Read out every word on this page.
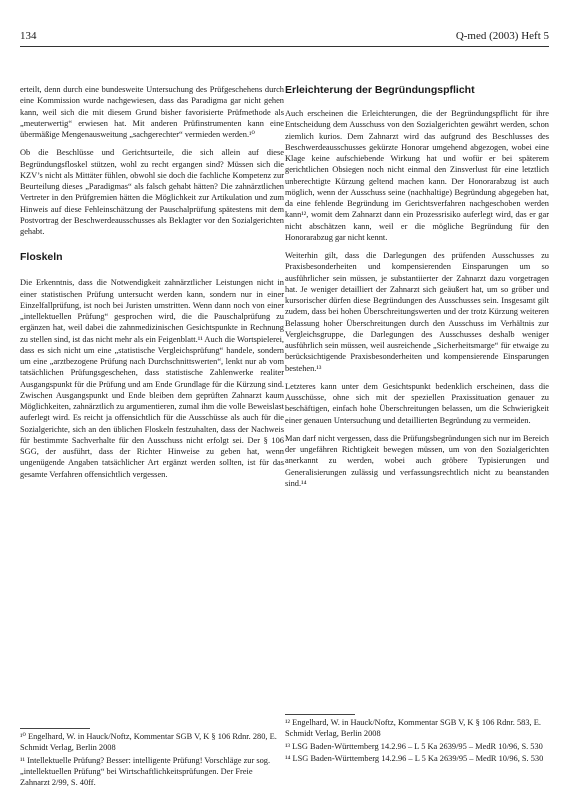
134	Q-med (2003) Heft 5

erteilt, denn durch eine bundesweite Untersuchung des Prüfgeschehens durch eine Kommission wurde nachgewiesen, dass das Paradigma gar nicht gehen kann, weil sich die mit diesem Grund bisher favorisierte Prüfmethode als „meuterwertig“ erwiesen hat. Mit anderen Prüfinstrumenten kann eine übermäßige Mengenausweitung „sachgerechter“ vermieden werden.¹⁰

Ob die Beschlüsse und Gerichtsurteile, die sich allein auf diese Begründungsfloskel stützen, wohl zu recht ergangen sind? Müssen sich die KZV’s nicht als Mittäter fühlen, obwohl sie doch die fachliche Kompetenz zur Beurteilung dieses „Paradigmas“ als falsch gehabt hätten? Die zahnärztlichen Vertreter in den Prüfgremien hätten die Möglichkeit zur Artikulation und zum Hinweis auf diese Fehleinschätzung der Pauschalprüfung spätestens mit dem Postvortrag der Beschwerdeausschusses als Beklagter vor den Sozialgerichten gehabt.

Floskeln

Die Erkenntnis, dass die Notwendigkeit zahnärztlicher Leistungen nicht in einer statistischen Prüfung untersucht werden kann, sondern nur in einer Einzelfallprüfung, ist noch bei Juristen umstritten. Wenn dann noch von einer „intellektuellen Prüfung“ gesprochen wird, die die Pauschalprüfung zu ergänzen hat, weil dabei die zahnmedizinischen Gesichtspunkte in Rechnung zu stellen sind, ist das nicht mehr als ein Feigenblatt.¹¹ Auch die Wortspielerei, dass es sich nicht um eine „statistische Vergleichsprüfung“ handele, sondern um eine „arztbezogene Prüfung nach Durchschnittswerten“, lenkt nur ab vom tatsächlichen Prüfungsgeschehen, dass statistische Zahlenwerke realiter Ausgangspunkt für die Prüfung und am Ende Grundlage für die Kürzung sind. Zwischen Ausgangspunkt und Ende bleiben dem geprüften Zahnarzt kaum Möglichkeiten, zahnärztlich zu argumentieren, zumal ihm die volle Beweislast auferlegt wird. Es reicht ja offensichtlich für die Ausschüsse als auch für die Sozialgerichte, sich an den üblichen Floskeln festzuhalten, dass der Nachweis für bestimmte Sachverhalte für den Ausschuss nicht erfolgt sei. Der § 106 SGG, der ausführt, dass der Richter Hinweise zu geben hat, wenn ungenügende Angaben tatsächlicher Art ergänzt werden sollten, ist für das gesamte Verfahren offensichtlich vergessen.

¹⁰ Engelhard, W. in Hauck/Noftz, Kommentar SGB V, K § 106 Rdnr. 280, E. Schmidt Verlag, Berlin 2008

¹¹ Intellektuelle Prüfung? Besser: intelligente Prüfung! Vorschläge zur sog. „intellektuellen Prüfung“ bei Wirtschaftlichkeitsprüfungen. Der Freie Zahnarzt 2/99, S. 40ff.

Erleichterung der Begründungspflicht

Auch erscheinen die Erleichterungen, die der Begründungspflicht für ihre Entscheidung dem Ausschuss von den Sozialgerichten gewährt werden, schon ziemlich kurios. Dem Zahnarzt wird das aufgrund des Beschlusses des Beschwerdeausschusses gekürzte Honorar umgehend abgezogen, wobei eine Klage keine aufschiebende Wirkung hat und wofür er bei späterem gerichtlichen Obsiegen noch nicht einmal den Zinsverlust für eine letztlich unberechtigte Kürzung geltend machen kann. Der Honorarabzug ist auch möglich, wenn der Ausschuss seine (nachhaltige) Begründung abgegeben hat, da eine fehlende Begründung im Gerichtsverfahren nachgeschoben werden kann¹², womit dem Zahnarzt dann ein Prozessrisiko auferlegt wird, das er gar nicht abschätzen kann, weil er die mögliche Begründung für den Honorarabzug gar nicht kennt.

Weiterhin gilt, dass die Darlegungen des prüfenden Ausschusses zu Praxisbesonderheiten und kompensierenden Einsparungen um so ausführlicher sein müssen, je substantiierter der Zahnarzt dazu vorgetragen hat. Je weniger detailliert der Zahnarzt sich geäußert hat, um so gröber und kursorischer dürfen diese Begründungen des Ausschusses sein. Insgesamt gilt zudem, dass bei hohen Überschreitungswerten und der trotz Kürzung weiteren Belassung hoher Überschreitungen durch den Ausschuss im Verhältnis zur Vergleichsgruppe, die Darlegungen des Ausschusses deshalb weniger ausführlich sein müssen, weil ausreichende „Sicherheitsmarge“ für etwaige zu berücksichtigende Praxisbesonderheiten und kompensierende Einsparungen bestehen.¹³

Letzteres kann unter dem Gesichtspunkt bedenklich erscheinen, dass die Ausschüsse, ohne sich mit der speziellen Praxissituation genauer zu beschäftigen, einfach hohe Überschreitungen belassen, um die Schwierigkeit einer genauen Untersuchung und detaillierten Begründung zu vermeiden.

Man darf nicht vergessen, dass die Prüfungsbegründungen sich nur im Bereich der ungefähren Richtigkeit bewegen müssen, um von den Sozialgerichten anerkannt zu werden, wobei auch gröbere Typisierungen und Generalisierungen zulässig und verfassungsrechtlich nicht zu beanstanden sind.¹⁴

¹² Engelhard, W. in Hauck/Noftz, Kommentar SGB V, K § 106 Rdnr. 583, E. Schmidt Verlag, Berlin 2008

¹³ LSG Baden-Württemberg 14.2.96 – L 5 Ka 2639/95 – MedR 10/96, S. 530

¹⁴ LSG Baden-Württemberg 14.2.96 – L 5 Ka 2639/95 – MedR 10/96, S. 530
